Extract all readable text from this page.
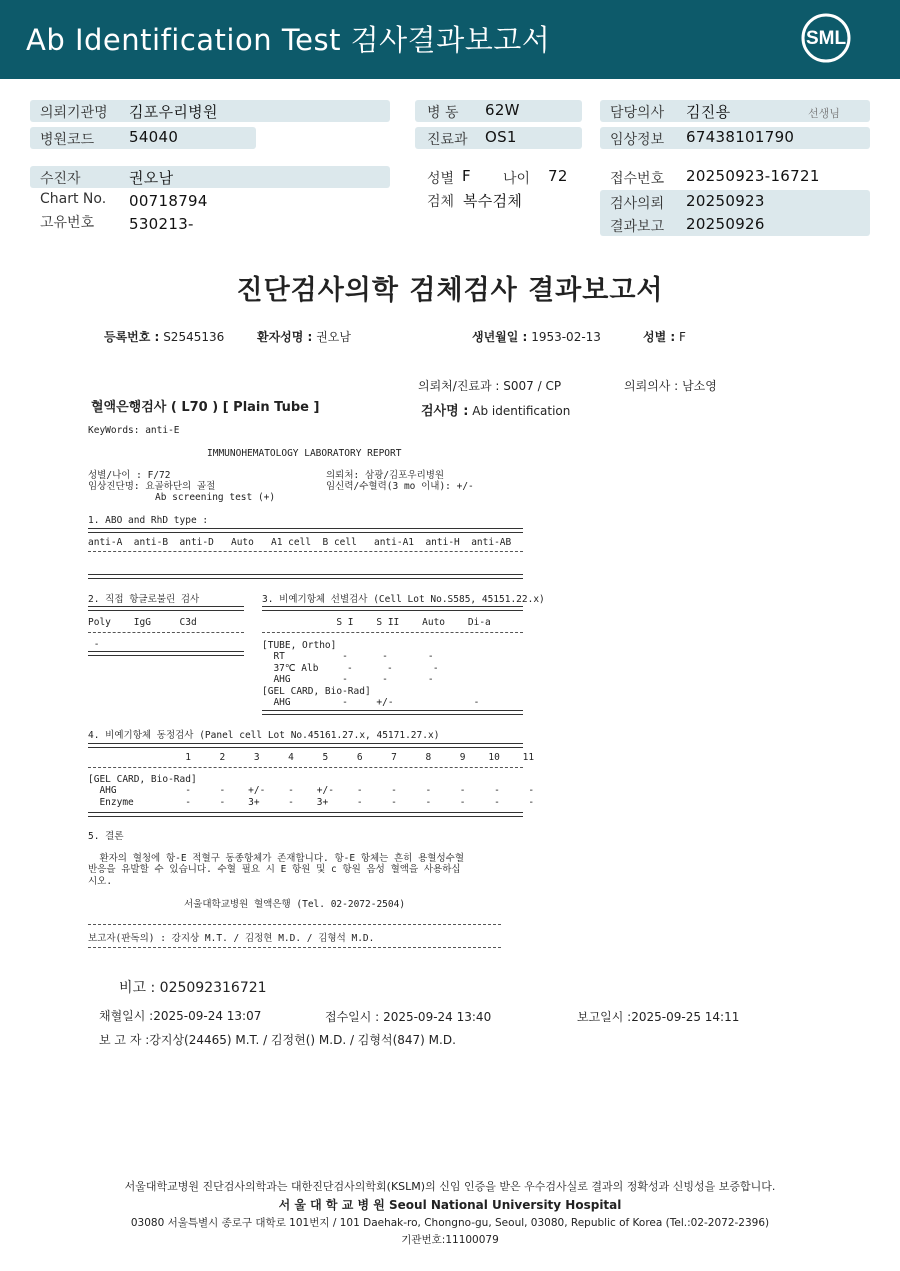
Ab Identification Test 검사결과보고서	SML
의뢰기관명 김포우리병원
병원코드 54040
병 동 62W
진료과 OS1
담당의사 김진용	선생님
임상정보 67438101790
수진자	권오남
Chart No. 00718794
고유번호 530213-
성별 F 나이 72
검체 복수검체
접수번호 20250923-16721
검사의뢰 20250923
결과보고 20250926
진단검사의학 검체검사 결과보고서
등록번호 : S2545136	환자성명 : 권오남	생년월일 : 1953-02-13	성별 : F
의뢰처/진료과 : S007 / CP	의뢰의사 : 남소영
혈액은행검사 ( L70 ) [ Plain Tube ]	검사명 : Ab identification
KeyWords: anti-E
IMMUNOHEMATOLOGY LABORATORY REPORT
성별/나이 : F/72
임상진단명: 요골하단의 골절
Ab screening test (+)
의뢰처: 삼광/김포우리병원
임신력/수혈력(3 mo 이내): +/-
1. ABO and RhD type :
anti-A  anti-B  anti-D   Auto   A1 cell  B cell   anti-A1  anti-H  anti-AB
2. 직접 항글로불린 검사
Poly    IgG     C3d
-
3. 비예기항체 선별검사 (Cell Lot No.S585, 45151.22.x)
S I    S II    Auto    Di-a
[TUBE, Ortho]
RT          -      -       -
37℃ Alb     -      -       -
AHG         -      -       -
[GEL CARD, Bio-Rad]
AHG         -     +/-              -
4. 비예기항체 동정검사 (Panel cell Lot No.45161.27.x, 45171.27.x)
1     2     3     4     5     6     7     8     9    10    11
[GEL CARD, Bio-Rad]
AHG            -     -    +/-    -    +/-    -     -     -     -     -     -
Enzyme         -     -    3+     -    3+     -     -     -     -     -     -
5. 결론
환자의 혈청에 항-E 적혈구 동종항체가 존재합니다. 항-E 항체는 흔히 용혈성수혈
반응을 유발할 수 있습니다. 수혈 필요 시 E 항원 및 c 항원 음성 혈액을 사용하십
시오.
서울대학교병원 혈액은행 (Tel. 02-2072-2504)
보고자(판독의) : 강지상 M.T. / 김정현 M.D. / 김형석 M.D.
비고 : 025092316721
채혈일시 :2025-09-24 13:07	접수일시 : 2025-09-24 13:40	보고일시 :2025-09-25 14:11
보 고 자 :강지상(24465) M.T. / 김정현() M.D. / 김형석(847) M.D.
서울대학교병원 진단검사의학과는 대한진단검사의학회(KSLM)의 신임 인증을 받은 우수검사실로 결과의 정확성과 신빙성을 보증합니다.
서 울 대 학 교 병 원 Seoul National University Hospital
03080 서울특별시 종로구 대학로 101번지 / 101 Daehak-ro, Chongno-gu, Seoul, 03080, Republic of Korea (Tel.:02-2072-2396)
기관번호:11100079
